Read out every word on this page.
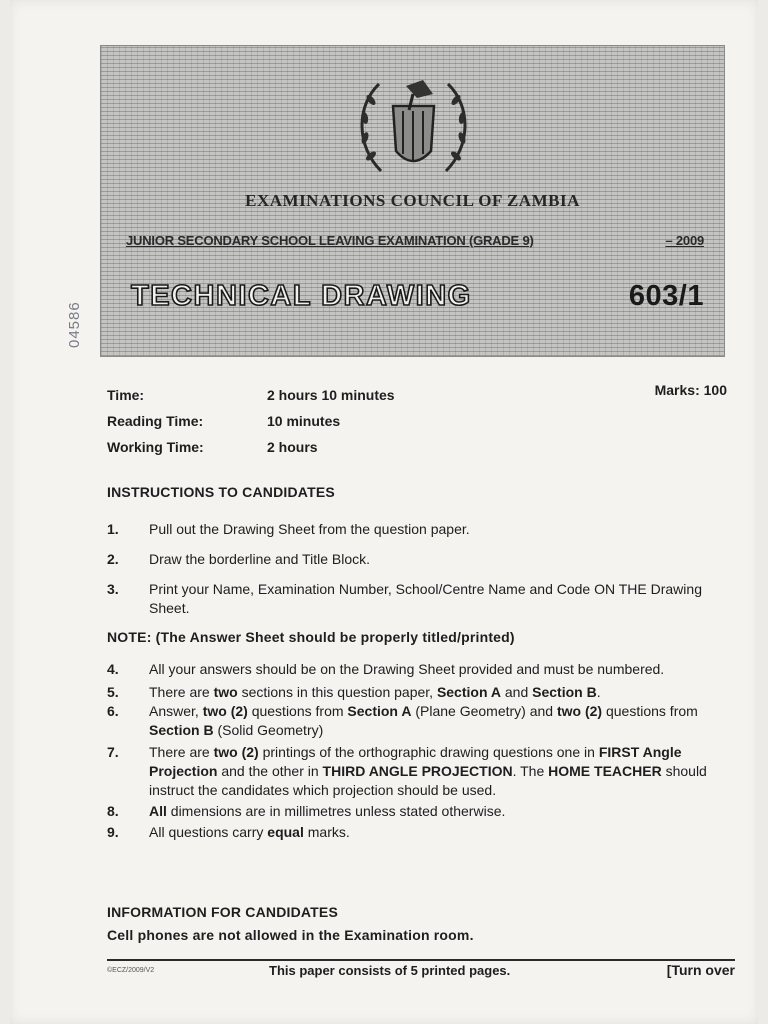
EXAMINATIONS COUNCIL OF ZAMBIA
JUNIOR SECONDARY SCHOOL LEAVING EXAMINATION (GRADE 9)	– 2009
TECHNICAL DRAWING	603/1
04586
Time:	2 hours 10 minutes
Reading Time:	10 minutes
Working Time:	2 hours
Marks: 100
INSTRUCTIONS TO CANDIDATES
1.	Pull out the Drawing Sheet from the question paper.
2.	Draw the borderline and Title Block.
3.	Print your Name, Examination Number, School/Centre Name and Code ON THE Drawing Sheet.
NOTE: (The Answer Sheet should be properly titled/printed)
4.	All your answers should be on the Drawing Sheet provided and must be numbered.
5.	There are two sections in this question paper, Section A and Section B.
6.	Answer, two (2) questions from Section A (Plane Geometry) and two (2) questions from Section B (Solid Geometry)
7.	There are two (2) printings of the orthographic drawing questions one in FIRST Angle Projection and the other in THIRD ANGLE PROJECTION. The HOME TEACHER should instruct the candidates which projection should be used.
8.	All dimensions are in millimetres unless stated otherwise.
9.	All questions carry equal marks.
INFORMATION FOR CANDIDATES
Cell phones are not allowed in the Examination room.
©ECZ/2009/V2	This paper consists of 5 printed pages.	[Turn over
